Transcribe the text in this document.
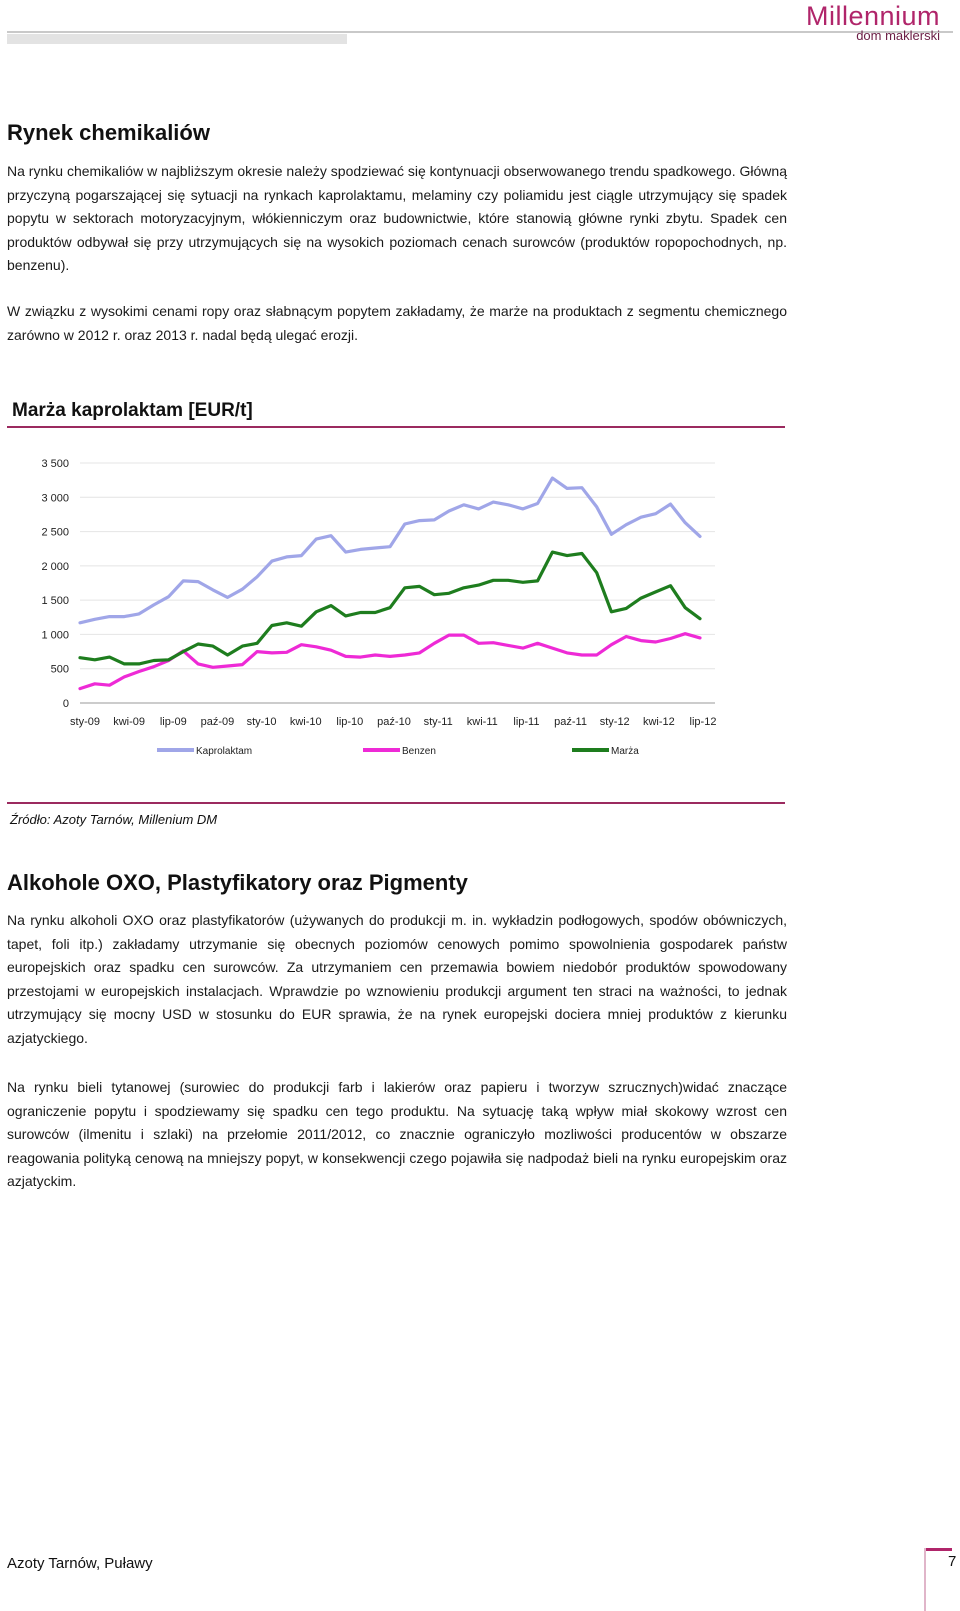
Millennium
dom maklerski
Rynek chemikaliów

Na rynku chemikaliów w najbliższym okresie należy spodziewać się kontynuacji obserwowanego trendu spadkowego. Główną przyczyną pogarszającej się sytuacji na rynkach kaprolaktamu, melaminy czy poliamidu jest ciągle utrzymujący się spadek popytu w sektorach motoryzacyjnym, włókienniczym oraz budownictwie, które stanowią główne rynki zbytu. Spadek cen produktów odbywał się przy utrzymujących się na wysokich poziomach cenach surowców (produktów ropopochodnych, np. benzenu).

W związku z wysokimi cenami ropy oraz słabnącym popytem zakładamy, że marże na produktach z segmentu chemicznego zarówno w 2012 r. oraz 2013 r. nadal będą ulegać erozji.

Marża kaprolaktam [EUR/t]
0
500
1 000
1 500
2 000
2 500
3 000
3 500
sty-09 kwi-09 lip-09 paź-09 sty-10 kwi-10 lip-10 paź-10 sty-11 kwi-11 lip-11 paź-11 sty-12 kwi-12 lip-12
Kaprolaktam	Benzen	Marża
Źródło: Azoty Tarnów, Millenium DM
Alkohole OXO, Plastyfikatory oraz Pigmenty

Na rynku alkoholi OXO oraz plastyfikatorów (używanych do produkcji m. in. wykładzin podłogowych, spodów obówniczych, tapet, foli itp.) zakładamy utrzymanie się obecnych poziomów cenowych pomimo spowolnienia gospodarek państw europejskich oraz spadku cen surowców. Za utrzymaniem cen przemawia bowiem niedobór produktów spowodowany przestojami w europejskich instalacjach. Wprawdzie po wznowieniu produkcji argument ten straci na ważności, to jednak utrzymujący się mocny USD w stosunku do EUR sprawia, że na rynek europejski dociera mniej produktów z kierunku azjatyckiego.

Na rynku bieli tytanowej (surowiec do produkcji farb i lakierów oraz papieru i tworzyw szrucznych)widać znaczące ograniczenie popytu i spodziewamy się spadku cen tego produktu. Na sytuację taką wpływ miał skokowy wzrost cen surowców (ilmenitu i szlaki) na przełomie 2011/2012, co znacznie ograniczyło mozliwości producentów w obszarze reagowania polityką cenową na mniejszy popyt, w konsekwencji czego pojawiła się nadpodaż bieli na rynku europejskim oraz azjatyckim.

Azoty Tarnów, Puławy	7
